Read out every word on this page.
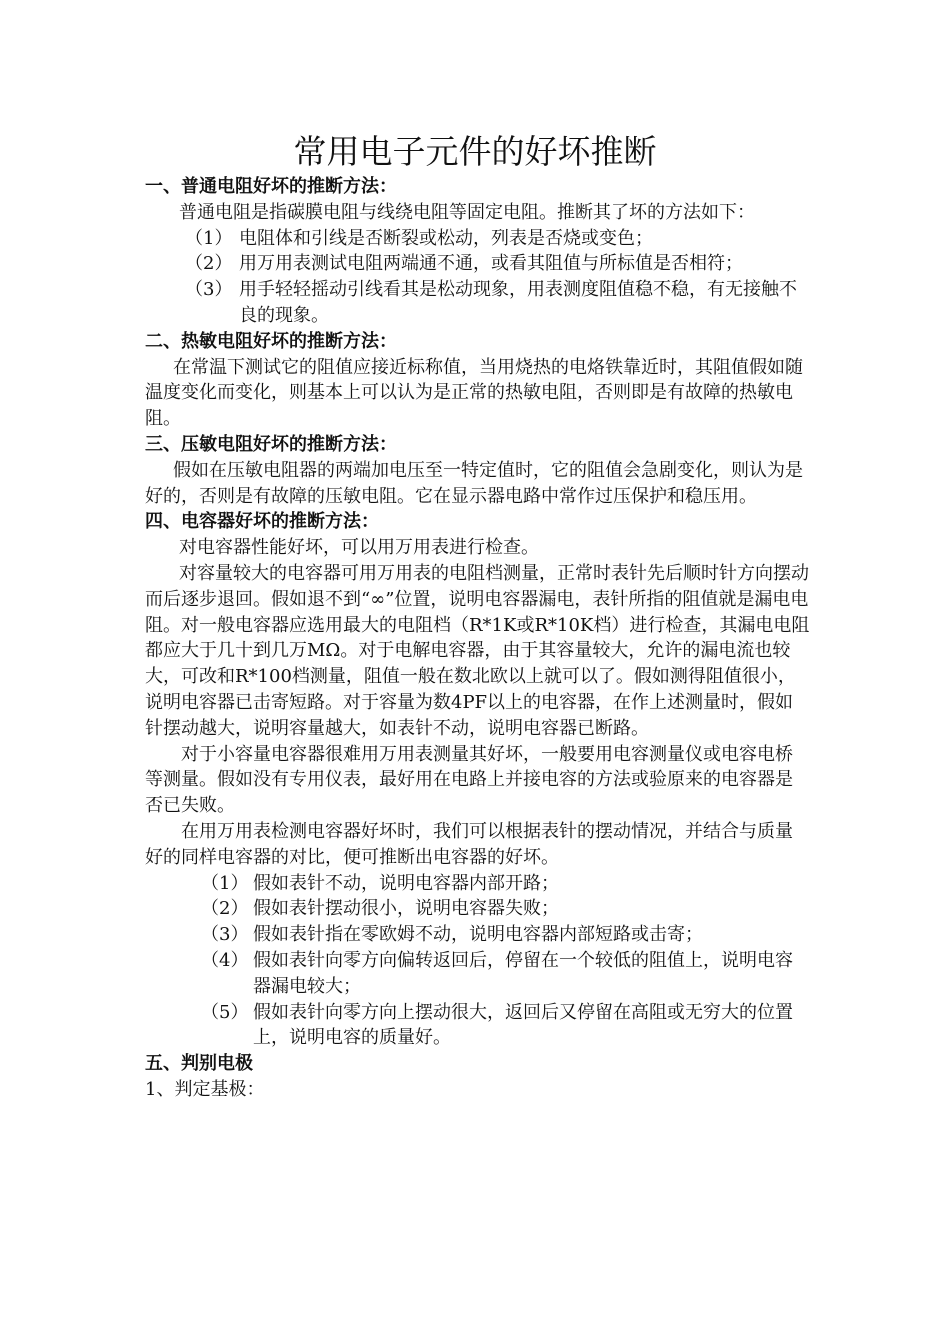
常用电子元件的好坏推断

一、普通电阻好坏的推断方法：

普通电阻是指碳膜电阻与线绕电阻等固定电阻。推断其了坏的方法如下：

（1） 电阻体和引线是否断裂或松动，列表是否烧或变色；
（2） 用万用表测试电阻两端通不通，或看其阻值与所标值是否相符；
（3） 用手轻轻摇动引线看其是松动现象，用表测度阻值稳不稳，有无接触不良的现象。

二、热敏电阻好坏的推断方法：

在常温下测试它的阻值应接近标称值，当用烧热的电烙铁靠近时，其阻值假如随温度变化而变化，则基本上可以认为是正常的热敏电阻，否则即是有故障的热敏电阻。

三、压敏电阻好坏的推断方法：

假如在压敏电阻器的两端加电压至一特定值时，它的阻值会急剧变化，则认为是好的，否则是有故障的压敏电阻。它在显示器电路中常作过压保护和稳压用。

四、电容器好坏的推断方法：

对电容器性能好坏，可以用万用表进行检查。

对容量较大的电容器可用万用表的电阻档测量，正常时表针先后顺时针方向摆动而后逐步退回。假如退不到“∞”位置，说明电容器漏电，表针所指的阻值就是漏电电阻。对一般电容器应选用最大的电阻档（R*1K或R*10K档）进行检查，其漏电电阻都应大于几十到几万MΩ。对于电解电容器，由于其容量较大，允许的漏电流也较大，可改和R*100档测量，阻值一般在数北欧以上就可以了。假如测得阻值很小，说明电容器已击寄短路。对于容量为数4PF以上的电容器，在作上述测量时，假如针摆动越大，说明容量越大，如表针不动，说明电容器已断路。

对于小容量电容器很难用万用表测量其好坏，一般要用电容测量仪或电容电桥等测量。假如没有专用仪表，最好用在电路上并接电容的方法或验原来的电容器是否已失败。

在用万用表检测电容器好坏时，我们可以根据表针的摆动情况，并结合与质量好的同样电容器的对比，便可推断出电容器的好坏。

（1） 假如表针不动，说明电容器内部开路；
（2） 假如表针摆动很小，说明电容器失败；
（3） 假如表针指在零欧姆不动，说明电容器内部短路或击寄；
（4） 假如表针向零方向偏转返回后，停留在一个较低的阻值上，说明电容器漏电较大；
（5） 假如表针向零方向上摆动很大，返回后又停留在高阻或无穷大的位置上，说明电容的质量好。

五、判别电极

1、判定基极：
